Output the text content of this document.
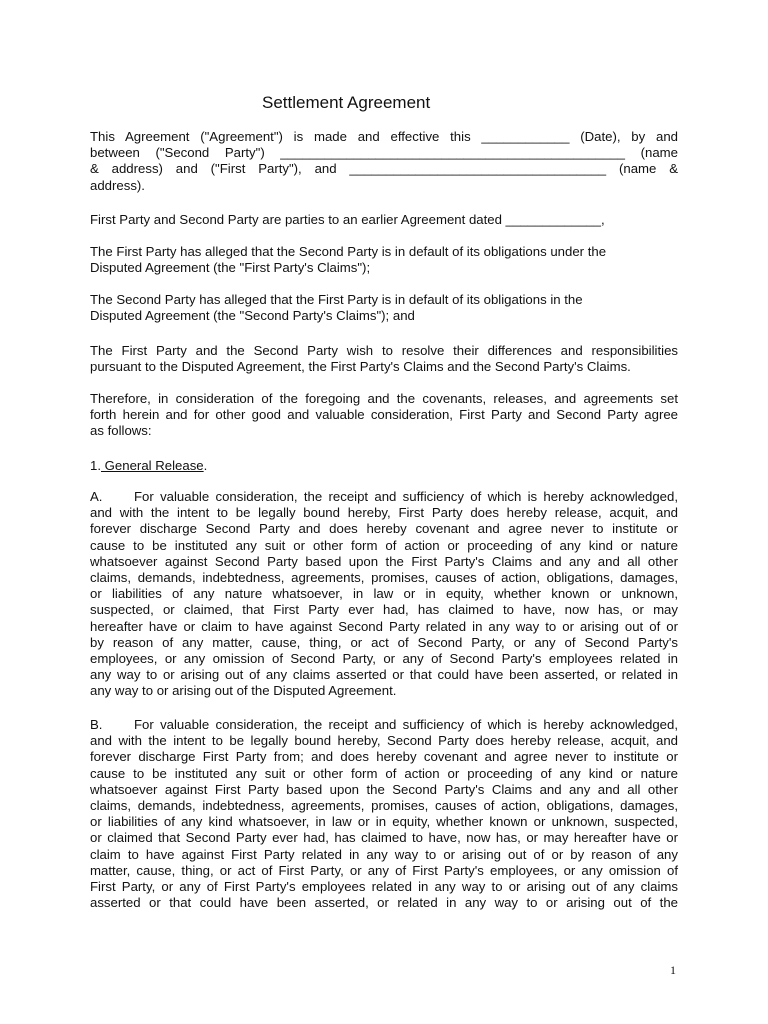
Settlement Agreement

This Agreement ("Agreement") is made and effective this ____________ (Date), by and
between ("Second Party") _______________________________________________ (name
& address) and ("First Party"), and ___________________________________ (name &
address).

First Party and Second Party are parties to an earlier Agreement dated _____________,

The First Party has alleged that the Second Party is in default of its obligations under the
Disputed Agreement (the "First Party's Claims");

The Second Party has alleged that the First Party is in default of its obligations in the
Disputed Agreement (the "Second Party's Claims"); and

The First Party and the Second Party wish to resolve their differences and responsibilities
pursuant to the Disputed Agreement, the First Party's Claims and the Second Party's Claims.

Therefore, in consideration of the foregoing and the covenants, releases, and agreements set
forth herein and for other good and valuable consideration, First Party and Second Party agree
as follows:

1. General Release.

A. For valuable consideration, the receipt and sufficiency of which is hereby acknowledged,
and with the intent to be legally bound hereby, First Party does hereby release, acquit, and
forever discharge Second Party and does hereby covenant and agree never to institute or
cause to be instituted any suit or other form of action or proceeding of any kind or nature
whatsoever against Second Party based upon the First Party's Claims and any and all other
claims, demands, indebtedness, agreements, promises, causes of action, obligations, damages,
or liabilities of any nature whatsoever, in law or in equity, whether known or unknown,
suspected, or claimed, that First Party ever had, has claimed to have, now has, or may
hereafter have or claim to have against Second Party related in any way to or arising out of or
by reason of any matter, cause, thing, or act of Second Party, or any of Second Party's
employees, or any omission of Second Party, or any of Second Party's employees related in
any way to or arising out of any claims asserted or that could have been asserted, or related in
any way to or arising out of the Disputed Agreement.

B. For valuable consideration, the receipt and sufficiency of which is hereby acknowledged,
and with the intent to be legally bound hereby, Second Party does hereby release, acquit, and
forever discharge First Party from; and does hereby covenant and agree never to institute or
cause to be instituted any suit or other form of action or proceeding of any kind or nature
whatsoever against First Party based upon the Second Party's Claims and any and all other
claims, demands, indebtedness, agreements, promises, causes of action, obligations, damages,
or liabilities of any kind whatsoever, in law or in equity, whether known or unknown, suspected,
or claimed that Second Party ever had, has claimed to have, now has, or may hereafter have or
claim to have against First Party related in any way to or arising out of or by reason of any
matter, cause, thing, or act of First Party, or any of First Party's employees, or any omission of
First Party, or any of First Party's employees related in any way to or arising out of any claims
asserted or that could have been asserted, or related in any way to or arising out of the

1
